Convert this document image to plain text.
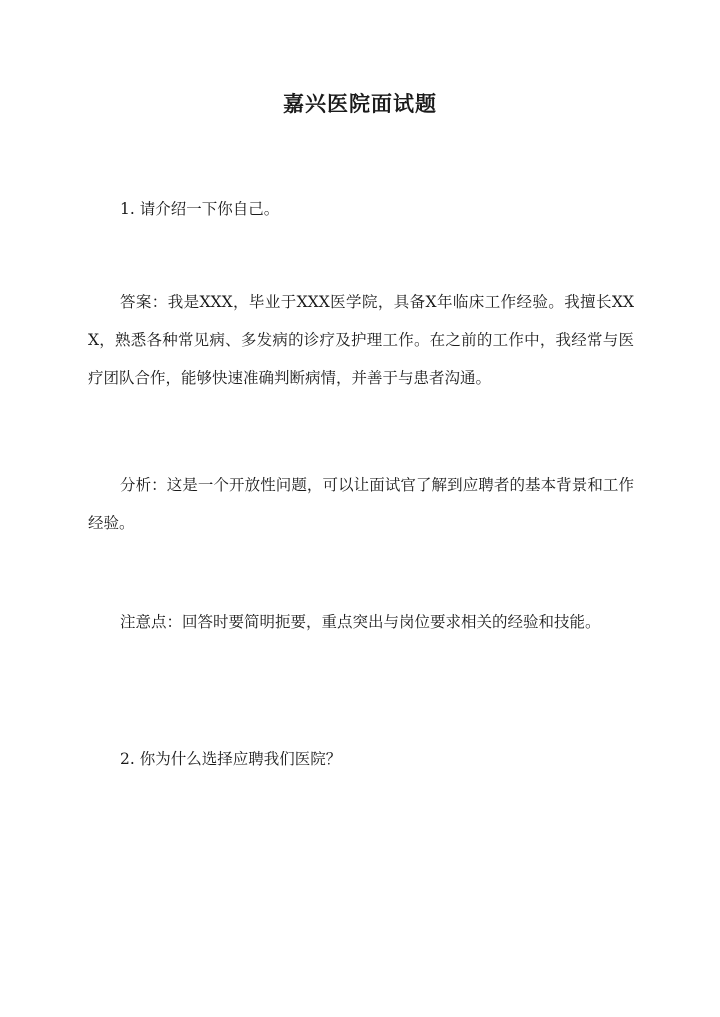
嘉兴医院面试题

1. 请介绍一下你自己。

答案：我是XXX，毕业于XXX医学院，具备X年临床工作经验。我擅长XXX，熟悉各种常见病、多发病的诊疗及护理工作。在之前的工作中，我经常与医疗团队合作，能够快速准确判断病情，并善于与患者沟通。

分析：这是一个开放性问题，可以让面试官了解到应聘者的基本背景和工作经验。

注意点：回答时要简明扼要，重点突出与岗位要求相关的经验和技能。

2. 你为什么选择应聘我们医院？
